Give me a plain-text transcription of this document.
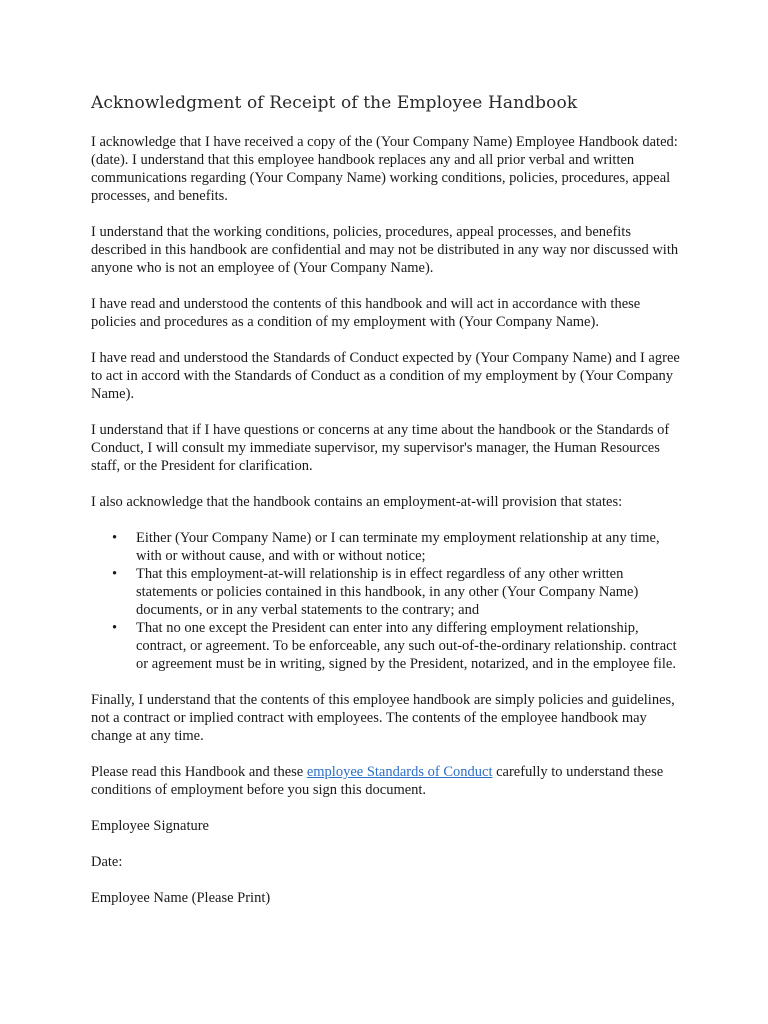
Acknowledgment of Receipt of the Employee Handbook

I acknowledge that I have received a copy of the (Your Company Name) Employee Handbook dated: (date). I understand that this employee handbook replaces any and all prior verbal and written communications regarding (Your Company Name) working conditions, policies, procedures, appeal processes, and benefits.

I understand that the working conditions, policies, procedures, appeal processes, and benefits described in this handbook are confidential and may not be distributed in any way nor discussed with anyone who is not an employee of (Your Company Name).

I have read and understood the contents of this handbook and will act in accordance with these policies and procedures as a condition of my employment with (Your Company Name).

I have read and understood the Standards of Conduct expected by (Your Company Name) and I agree to act in accord with the Standards of Conduct as a condition of my employment by (Your Company Name).

I understand that if I have questions or concerns at any time about the handbook or the Standards of Conduct, I will consult my immediate supervisor, my supervisor's manager, the Human Resources staff, or the President for clarification.

I also acknowledge that the handbook contains an employment-at-will provision that states:

• Either (Your Company Name) or I can terminate my employment relationship at any time, with or without cause, and with or without notice;
• That this employment-at-will relationship is in effect regardless of any other written statements or policies contained in this handbook, in any other (Your Company Name) documents, or in any verbal statements to the contrary; and
• That no one except the President can enter into any differing employment relationship, contract, or agreement. To be enforceable, any such out-of-the-ordinary relationship. contract or agreement must be in writing, signed by the President, notarized, and in the employee file.

Finally, I understand that the contents of this employee handbook are simply policies and guidelines, not a contract or implied contract with employees. The contents of the employee handbook may change at any time.

Please read this Handbook and these employee Standards of Conduct carefully to understand these conditions of employment before you sign this document.

Employee Signature
Date:
Employee Name (Please Print)
